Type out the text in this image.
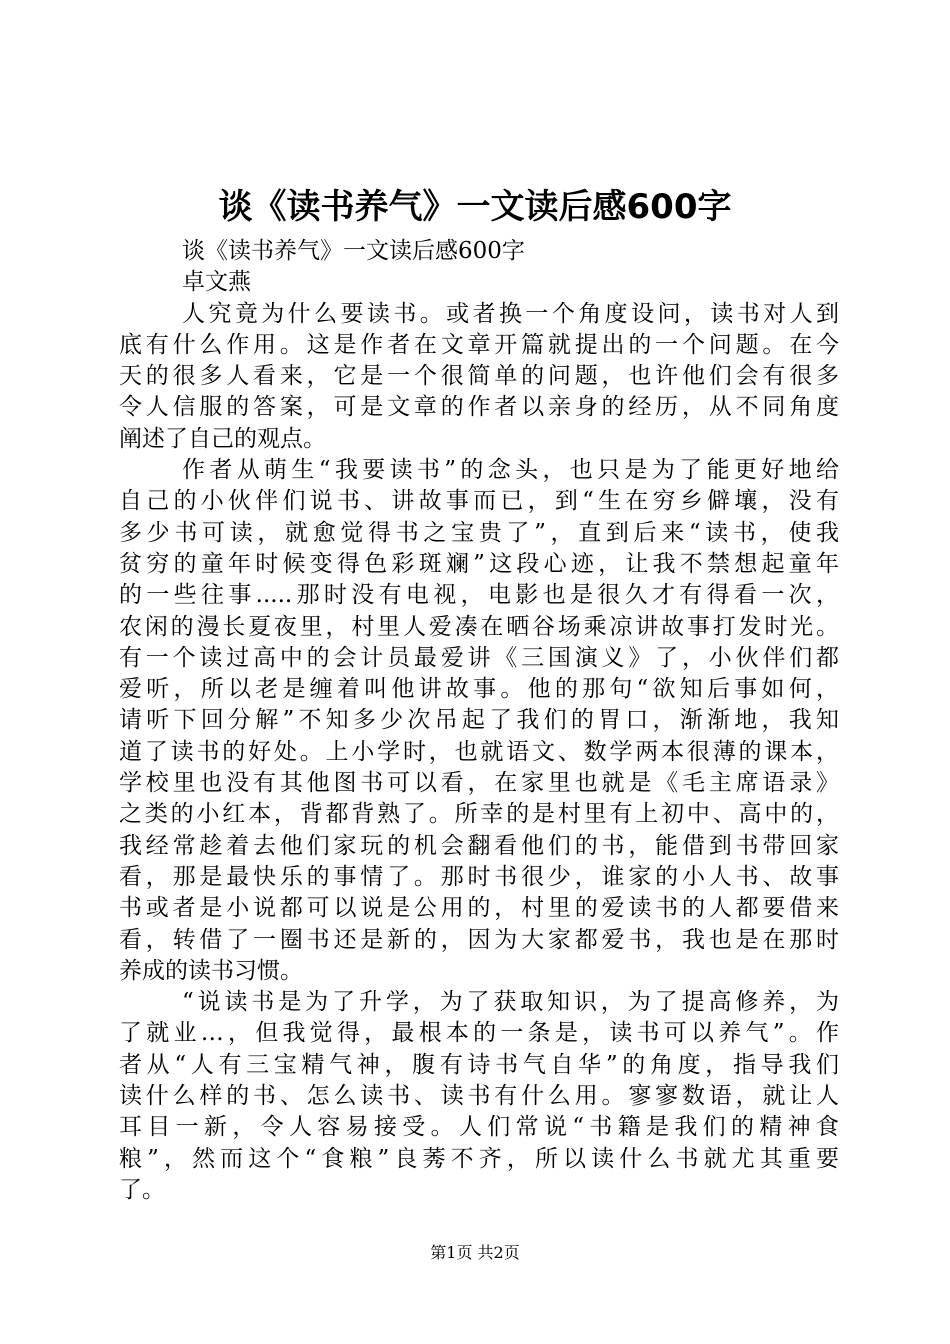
谈《读书养气》一文读后感600字
谈《读书养气》一文读后感600字
卓文燕
人究竟为什么要读书。或者换一个角度设问，读书对人到
底有什么作用。这是作者在文章开篇就提出的一个问题。在今
天的很多人看来，它是一个很简单的问题，也许他们会有很多
令人信服的答案，可是文章的作者以亲身的经历，从不同角度
阐述了自己的观点。
作者从萌生“我要读书”的念头，也只是为了能更好地给
自己的小伙伴们说书、讲故事而已，到“生在穷乡僻壤，没有
多少书可读，就愈觉得书之宝贵了”，直到后来“读书，使我
贫穷的童年时候变得色彩斑斓”这段心迹，让我不禁想起童年
的一些往事.....那时没有电视，电影也是很久才有得看一次，
农闲的漫长夏夜里，村里人爱凑在晒谷场乘凉讲故事打发时光。
有一个读过高中的会计员最爱讲《三国演义》了，小伙伴们都
爱听，所以老是缠着叫他讲故事。他的那句“欲知后事如何，
请听下回分解”不知多少次吊起了我们的胃口，渐渐地，我知
道了读书的好处。上小学时，也就语文、数学两本很薄的课本，
学校里也没有其他图书可以看，在家里也就是《毛主席语录》
之类的小红本，背都背熟了。所幸的是村里有上初中、高中的，
我经常趁着去他们家玩的机会翻看他们的书，能借到书带回家
看，那是最快乐的事情了。那时书很少，谁家的小人书、故事
书或者是小说都可以说是公用的，村里的爱读书的人都要借来
看，转借了一圈书还是新的，因为大家都爱书，我也是在那时
养成的读书习惯。
“说读书是为了升学，为了获取知识，为了提高修养，为
了就业…，但我觉得，最根本的一条是，读书可以养气”。作
者从“人有三宝精气神，腹有诗书气自华”的角度，指导我们
读什么样的书、怎么读书、读书有什么用。寥寥数语，就让人
耳目一新，令人容易接受。人们常说“书籍是我们的精神食
粮”，然而这个“食粮”良莠不齐，所以读什么书就尤其重要
了。
第1页 共2页
